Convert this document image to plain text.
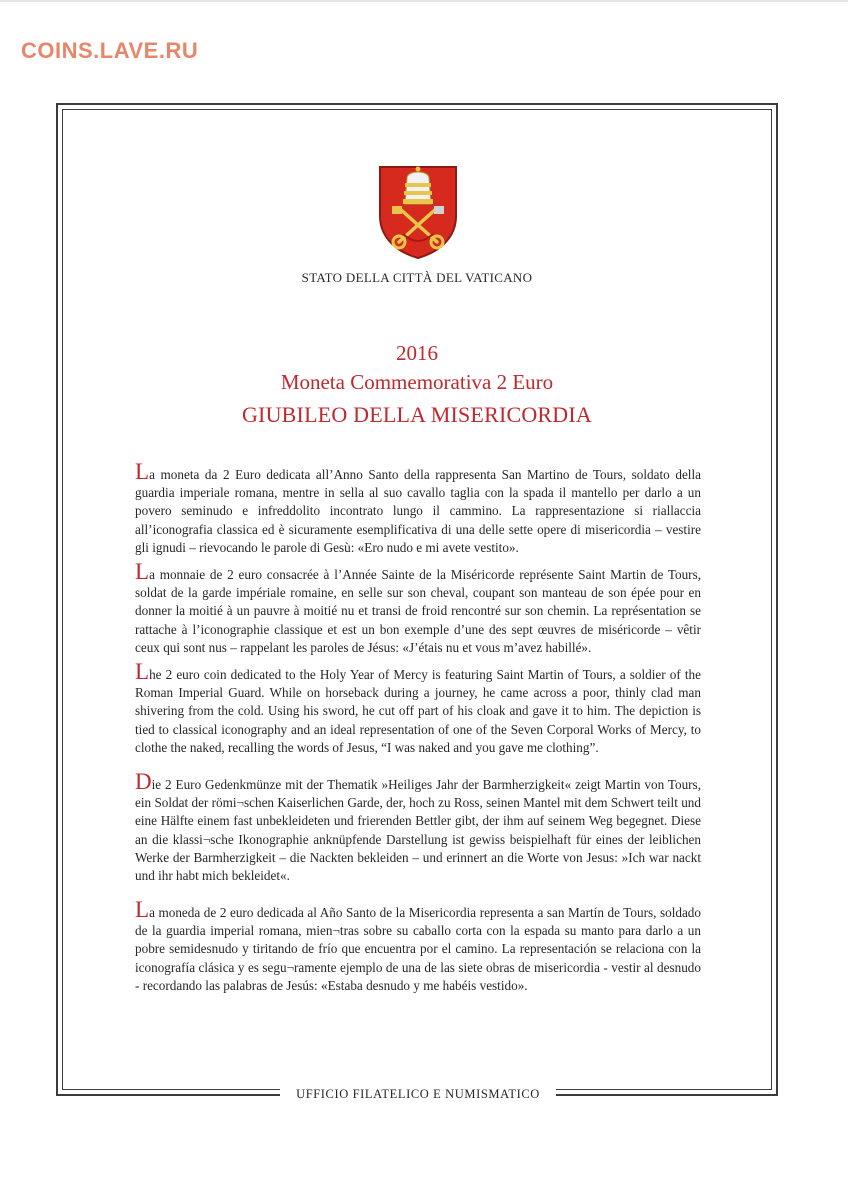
COINS.LAVE.RU
STATO DELLA CITTÀ DEL VATICANO
2016
Moneta Commemorativa 2 Euro
GIUBILEO DELLA MISERICORDIA

La moneta da 2 Euro dedicata all’Anno Santo della rappresenta San Martino de Tours, soldato della guardia imperiale romana, mentre in sella al suo cavallo taglia con la spada il mantello per darlo a un povero seminudo e infreddolito incontrato lungo il cammino. La rappresentazione si riallaccia all’iconografia classica ed è sicuramente esemplificativa di una delle sette opere di misericordia – vestire gli ignudi – rievocando le parole di Gesù: «Ero nudo e mi avete vestito».

La monnaie de 2 euro consacrée à l’Année Sainte de la Miséricorde représente Saint Martin de Tours, soldat de la garde impériale romaine, en selle sur son cheval, coupant son manteau de son épée pour en donner la moitié à un pauvre à moitié nu et transi de froid rencontré sur son chemin. La représentation se rattache à l’iconographie classique et est un bon exemple d’une des sept œuvres de miséricorde – vêtir ceux qui sont nus – rappelant les paroles de Jésus: «J’étais nu et vous m’avez habillé».

Lhe 2 euro coin dedicated to the Holy Year of Mercy is featuring Saint Martin of Tours, a soldier of the Roman Imperial Guard. While on horseback during a journey, he came across a poor, thinly clad man shivering from the cold. Using his sword, he cut off part of his cloak and gave it to him. The depiction is tied to classical iconography and an ideal representation of one of the Seven Corporal Works of Mercy, to clothe the naked, recalling the words of Jesus, “I was naked and you gave me clothing”.

Die 2 Euro Gedenkmünze mit der Thematik »Heiliges Jahr der Barmherzigkeit« zeigt Martin von Tours, ein Soldat der römi¬schen Kaiserlichen Garde, der, hoch zu Ross, seinen Mantel mit dem Schwert teilt und eine Hälfte einem fast unbekleideten und frierenden Bettler gibt, der ihm auf seinem Weg begegnet. Diese an die klassi¬sche Ikonographie anknüpfende Darstellung ist gewiss beispielhaft für eines der leiblichen Werke der Barmherzigkeit – die Nackten bekleiden – und erinnert an die Worte von Jesus: »Ich war nackt und ihr habt mich bekleidet«.

La moneda de 2 euro dedicada al Año Santo de la Misericordia representa a san Martín de Tours, soldado de la guardia imperial romana, mien¬tras sobre su caballo corta con la espada su manto para darlo a un pobre semidesnudo y tiritando de frío que encuentra por el camino. La representación se relaciona con la iconografía clásica y es segu¬ramente ejemplo de una de las siete obras de misericordia - vestir al desnudo - recordando las palabras de Jesús: «Estaba desnudo y me habéis vestido».

UFFICIO FILATELICO E NUMISMATICO
